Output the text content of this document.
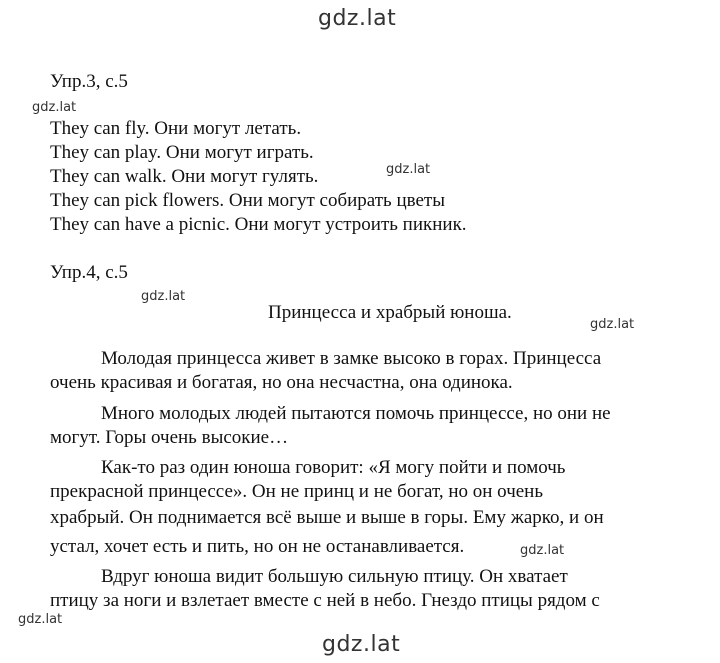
gdz.lat
gdz.lat
gdz.lat
gdz.lat
gdz.lat
gdz.lat
gdz.lat
gdz.lat
Упр.3, с.5
They can fly. Они могут летать.
They can play. Они могут играть.
They can walk. Они могут гулять.
They can pick flowers. Они могут собирать цветы
They can have a picnic. Они могут устроить пикник.
Упр.4, с.5
Принцесса и храбрый юноша.
Молодая принцесса живет в замке высоко в горах. Принцесса
очень красивая и богатая, но она несчастна, она одинока.
Много молодых людей пытаются помочь принцессе, но они не
могут. Горы очень высокие…
Как-то раз один юноша говорит: «Я могу пойти и помочь
прекрасной принцессе». Он не принц и не богат, но он очень
храбрый. Он поднимается всё выше и выше в горы. Ему жарко, и он
устал, хочет есть и пить, но он не останавливается.
Вдруг юноша видит большую сильную птицу. Он хватает
птицу за ноги и взлетает вместе с ней в небо. Гнездо птицы рядом с
